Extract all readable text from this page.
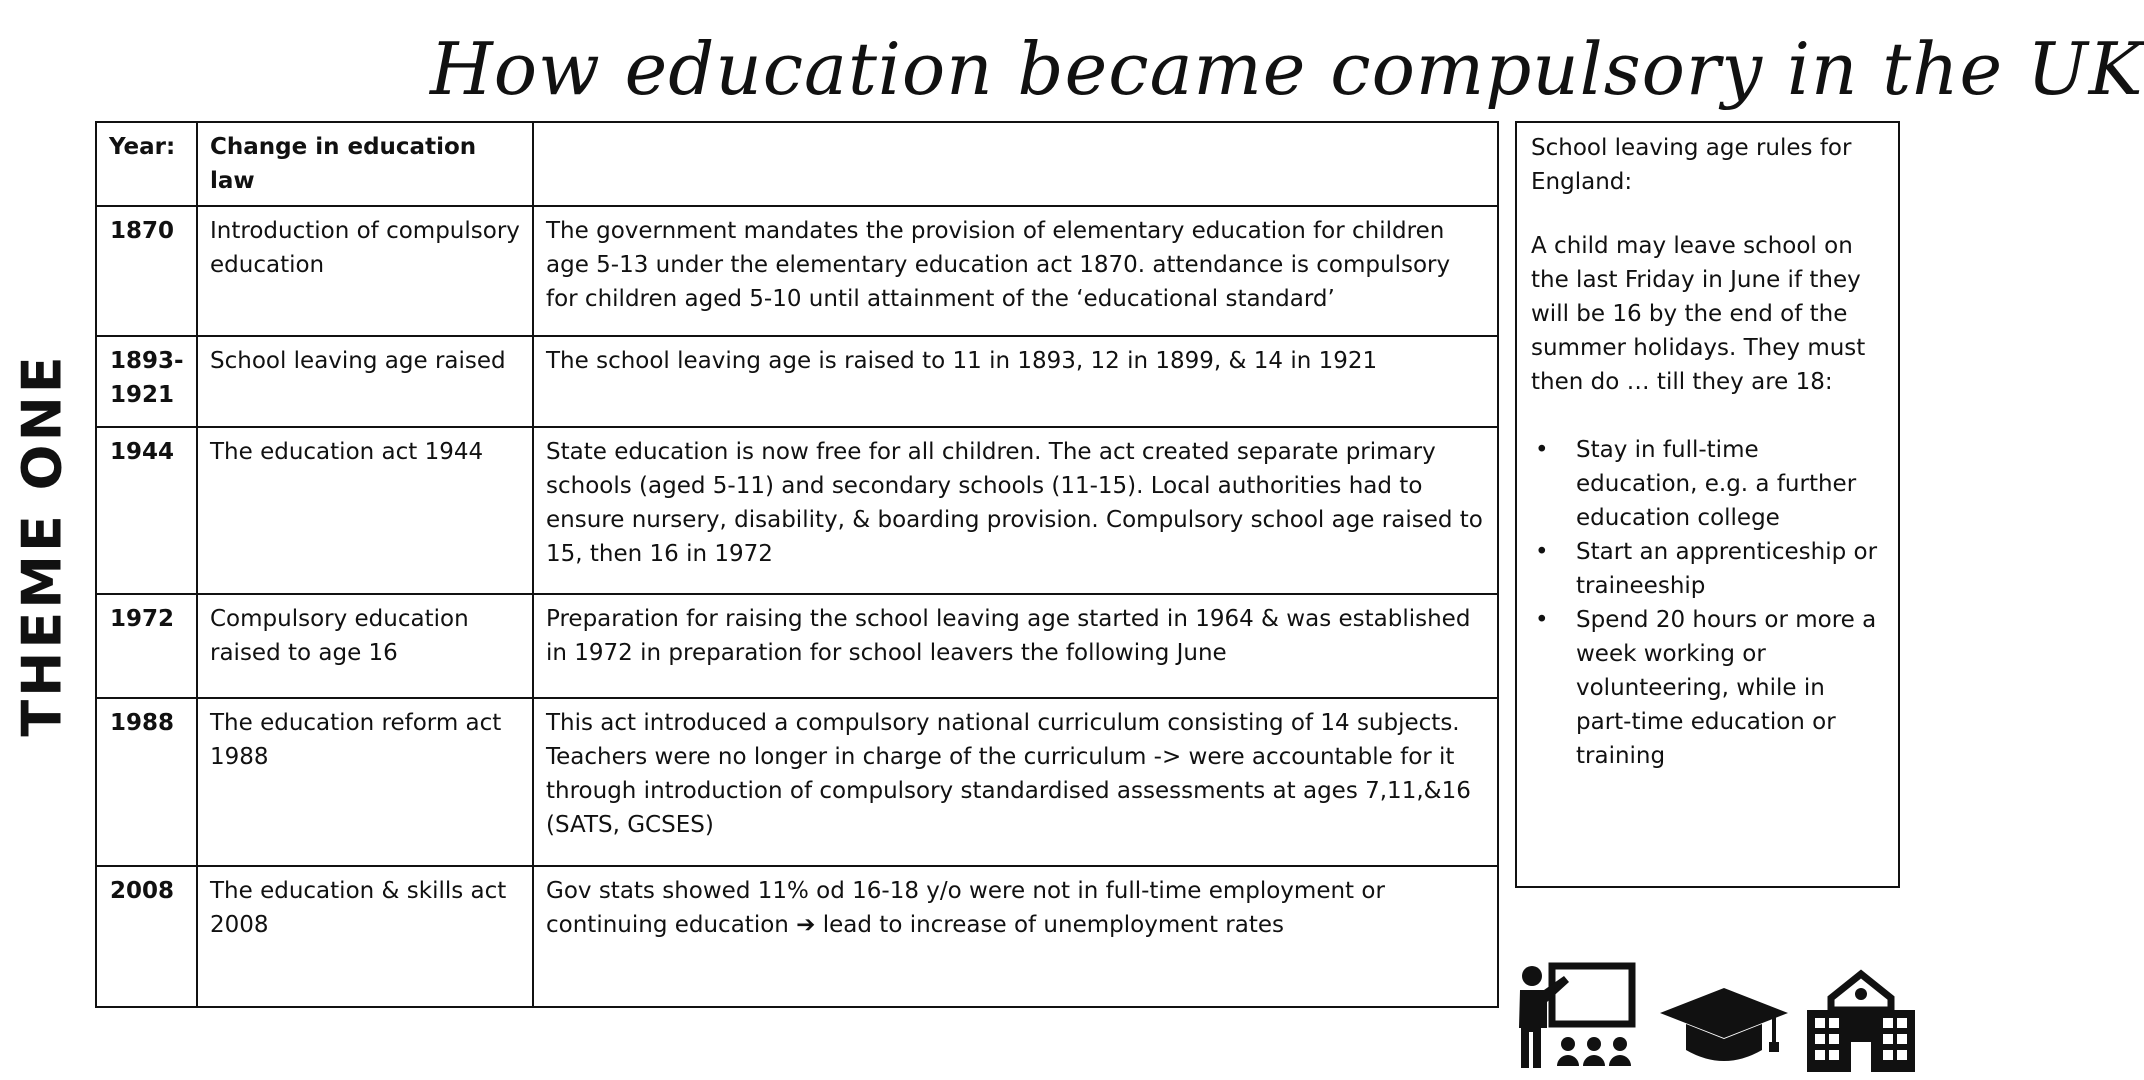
How education became compulsory in the UK
THEME ONE
Year:	Change in education law	
1870	Introduction of compulsory education	The government mandates the provision of elementary education for children age 5-13 under the elementary education act 1870. attendance is compulsory for children aged 5-10 until attainment of the ‘educational standard’
1893-1921	School leaving age raised	The school leaving age is raised to 11 in 1893, 12 in 1899, & 14 in 1921
1944	The education act 1944	State education is now free for all children. The act created separate primary schools (aged 5-11) and secondary schools (11-15). Local authorities had to ensure nursery, disability, & boarding provision. Compulsory school age raised to 15, then 16 in 1972
1972	Compulsory education raised to age 16	Preparation for raising the school leaving age started in 1964 & was established in 1972 in preparation for school leavers the following June
1988	The education reform act 1988	This act introduced a compulsory national curriculum consisting of 14 subjects. Teachers were no longer in charge of the curriculum -> were accountable for it through introduction of compulsory standardised assessments at ages 7,11,&16 (SATS, GCSES)
2008	The education & skills act 2008	Gov stats showed 11% od 16-18 y/o were not in full-time employment or continuing education ➔ lead to increase of unemployment rates

School leaving age rules for England:

A child may leave school on the last Friday in June if they will be 16 by the end of the summer holidays. They must then do … till they are 18:

• Stay in full-time education, e.g. a further education college
• Start an apprenticeship or traineeship
• Spend 20 hours or more a week working or volunteering, while in part-time education or training
